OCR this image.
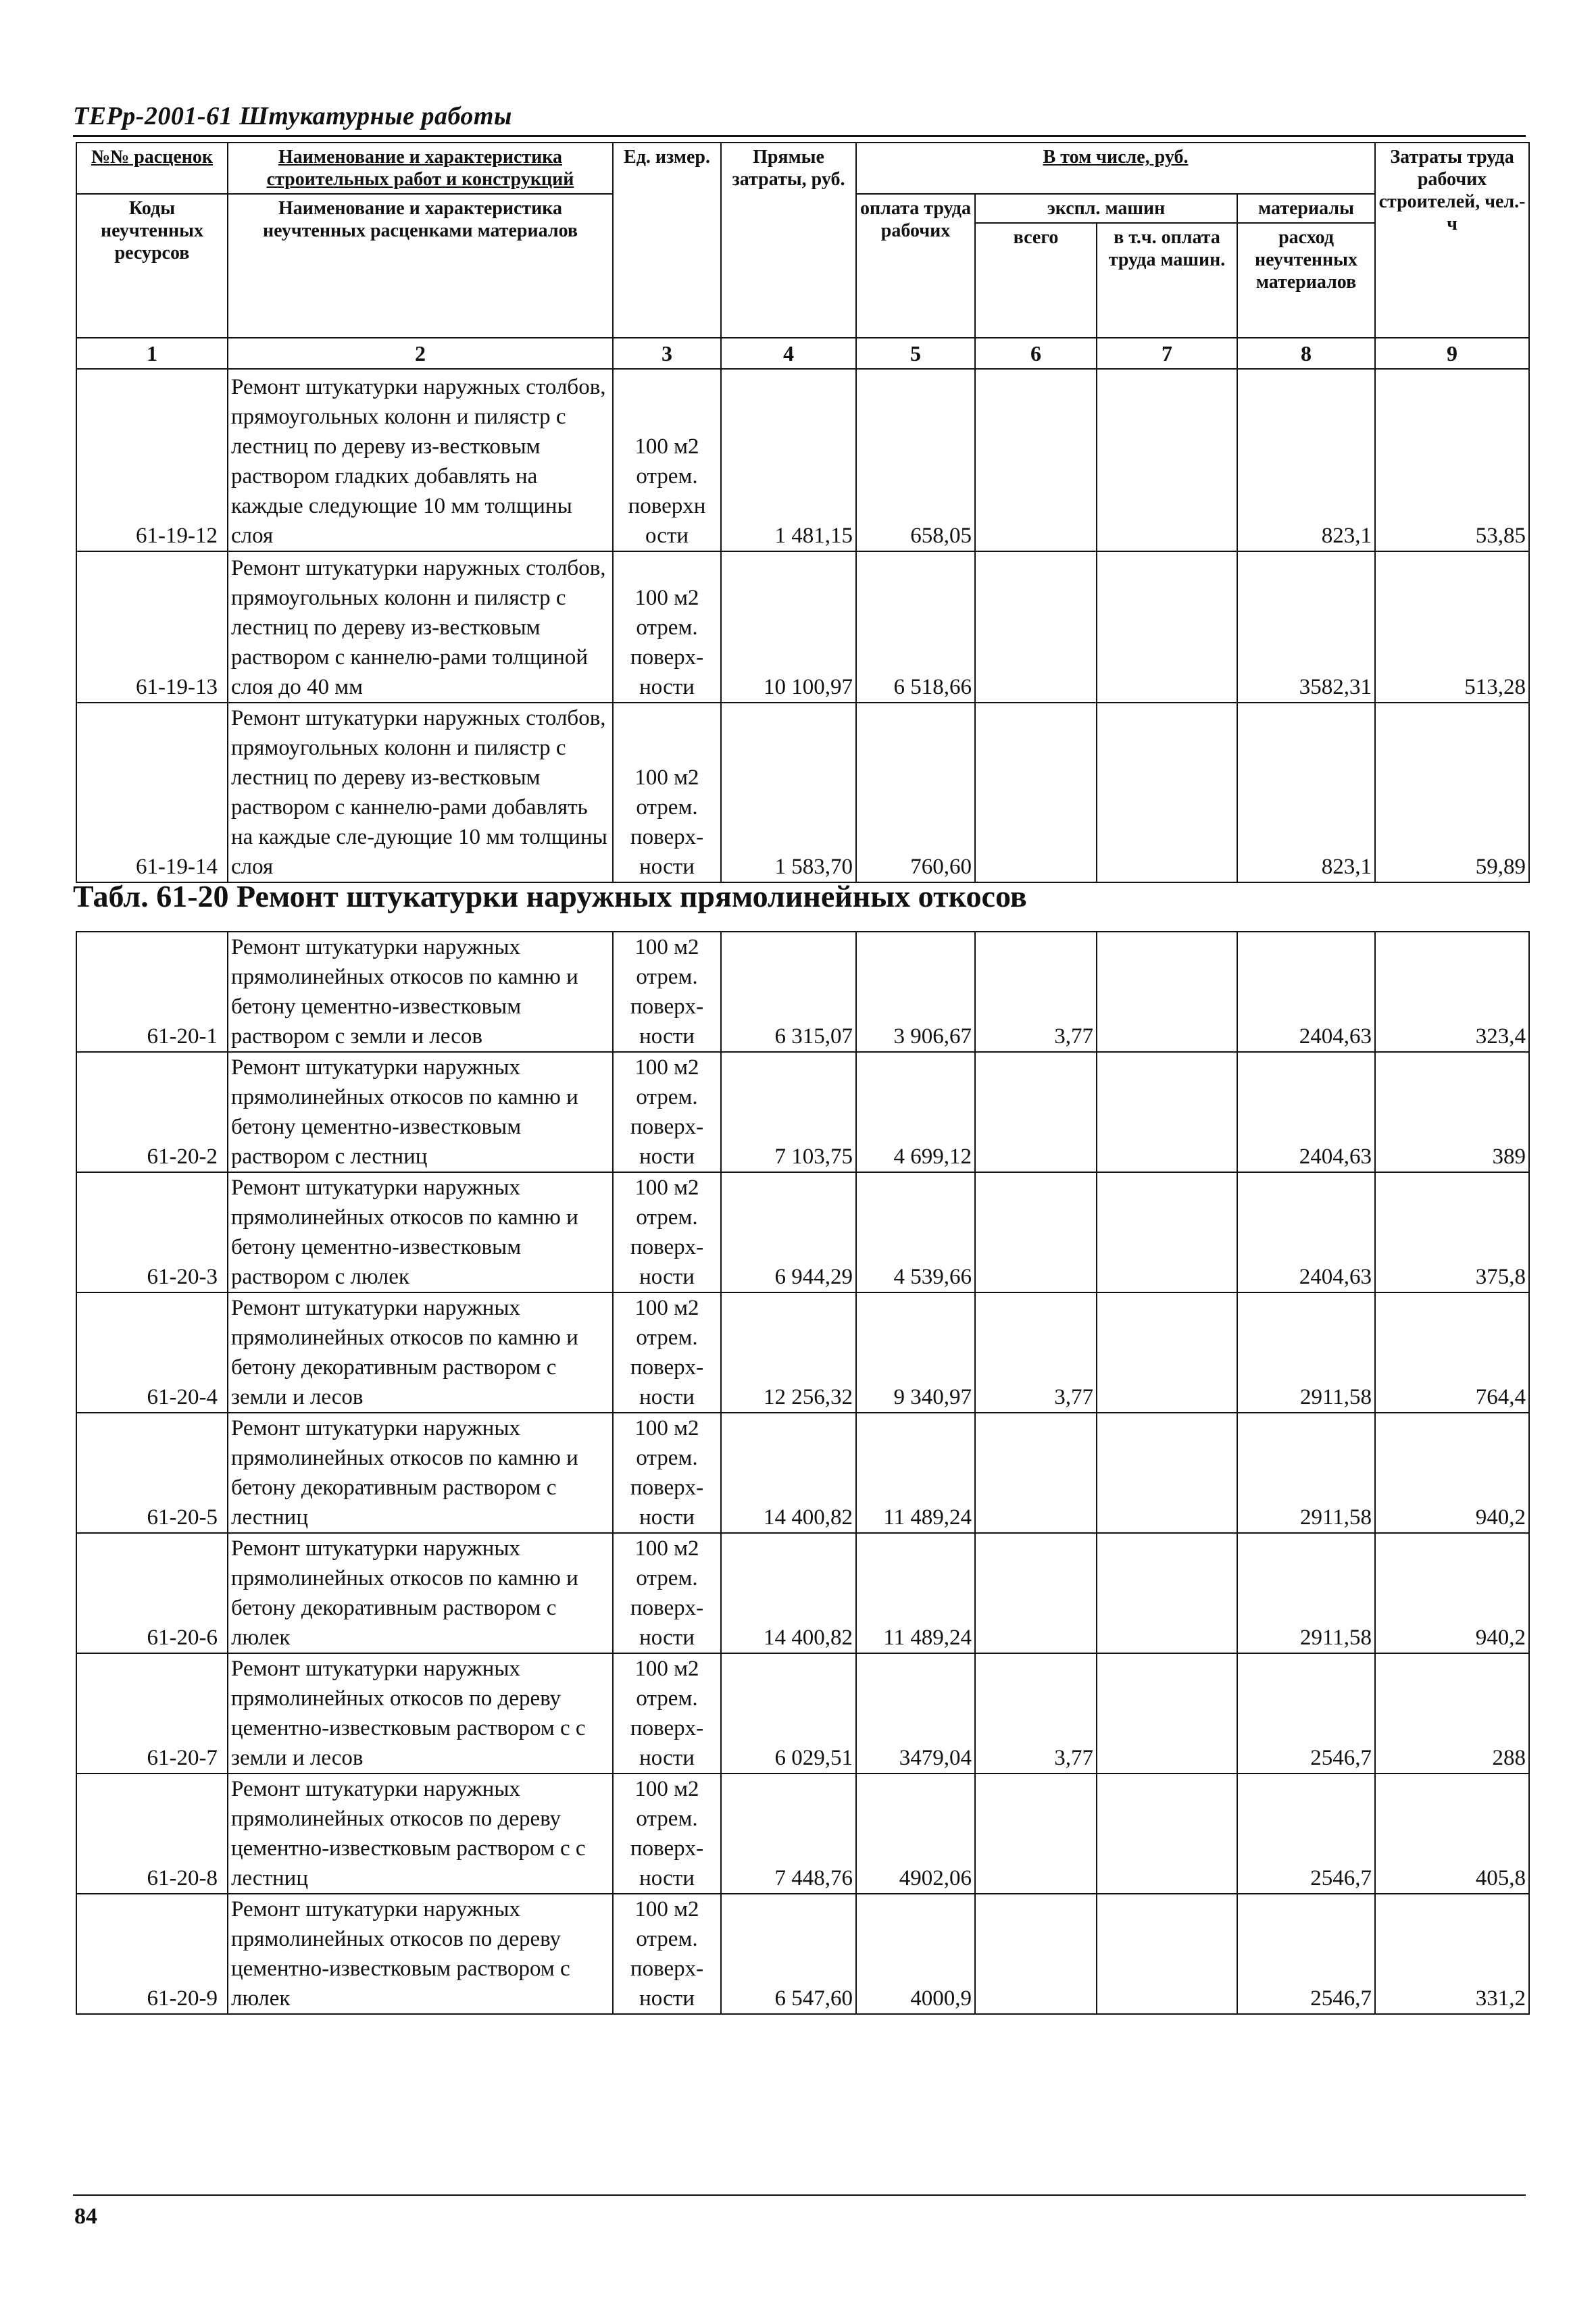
ТЕРр-2001-61 Штукатурные работы
№№ расценок	Наименование и характеристика строительных работ и конструкций	Ед. измер.	Прямые затраты, руб.	В том числе, руб.				Затраты труда рабочих строителей, чел.-ч
Коды неучтенных ресурсов	Наименование и характеристика неучтенных расценками материалов			оплата труда рабочих	экспл. машин		материалы	
					всего	в т.ч. оплата труда машин.	расход неучтенных материалов	
1	2	3	4	5	6	7	8	9
61-19-12	Ремонт штукатурки наружных столбов, прямоугольных колонн и пилястр с лестниц по дереву из-вестковым раствором гладких добавлять на каждые следующие 10 мм толщины слоя	100 м2 отрем. поверхн ости	1 481,15	658,05			823,1	53,85
61-19-13	Ремонт штукатурки наружных столбов, прямоугольных колонн и пилястр с лестниц по дереву из-вестковым раствором с каннелю-рами толщиной слоя до 40 мм	100 м2 отрем. поверх-ности	10 100,97	6 518,66			3582,31	513,28
61-19-14	Ремонт штукатурки наружных столбов, прямоугольных колонн и пилястр с лестниц по дереву из-вестковым раствором с каннелю-рами добавлять на каждые сле-дующие 10 мм толщины слоя	100 м2 отрем. поверх-ности	1 583,70	760,60			823,1	59,89
Табл. 61-20 Ремонт штукатурки наружных прямолинейных откосов
61-20-1	Ремонт штукатурки наружных прямолинейных откосов по камню и бетону цементно-известковым раствором с земли и лесов	100 м2 отрем. поверх-ности	6 315,07	3 906,67	3,77		2404,63	323,4
61-20-2	Ремонт штукатурки наружных прямолинейных откосов по камню и бетону цементно-известковым раствором с лестниц	100 м2 отрем. поверх-ности	7 103,75	4 699,12			2404,63	389
61-20-3	Ремонт штукатурки наружных прямолинейных откосов по камню и бетону цементно-известковым раствором с люлек	100 м2 отрем. поверх-ности	6 944,29	4 539,66			2404,63	375,8
61-20-4	Ремонт штукатурки наружных прямолинейных откосов по камню и бетону декоративным раствором с земли и лесов	100 м2 отрем. поверх-ности	12 256,32	9 340,97	3,77		2911,58	764,4
61-20-5	Ремонт штукатурки наружных прямолинейных откосов по камню и бетону декоративным раствором с лестниц	100 м2 отрем. поверх-ности	14 400,82	11 489,24			2911,58	940,2
61-20-6	Ремонт штукатурки наружных прямолинейных откосов по камню и бетону декоративным раствором с люлек	100 м2 отрем. поверх-ности	14 400,82	11 489,24			2911,58	940,2
61-20-7	Ремонт штукатурки наружных прямолинейных откосов по дереву цементно-известковым раствором с с земли и лесов	100 м2 отрем. поверх-ности	6 029,51	3479,04	3,77		2546,7	288
61-20-8	Ремонт штукатурки наружных прямолинейных откосов по дереву цементно-известковым раствором с с лестниц	100 м2 отрем. поверх-ности	7 448,76	4902,06			2546,7	405,8
61-20-9	Ремонт штукатурки наружных прямолинейных откосов по дереву цементно-известковым раствором с люлек	100 м2 отрем. поверх-ности	6 547,60	4000,9			2546,7	331,2
84
